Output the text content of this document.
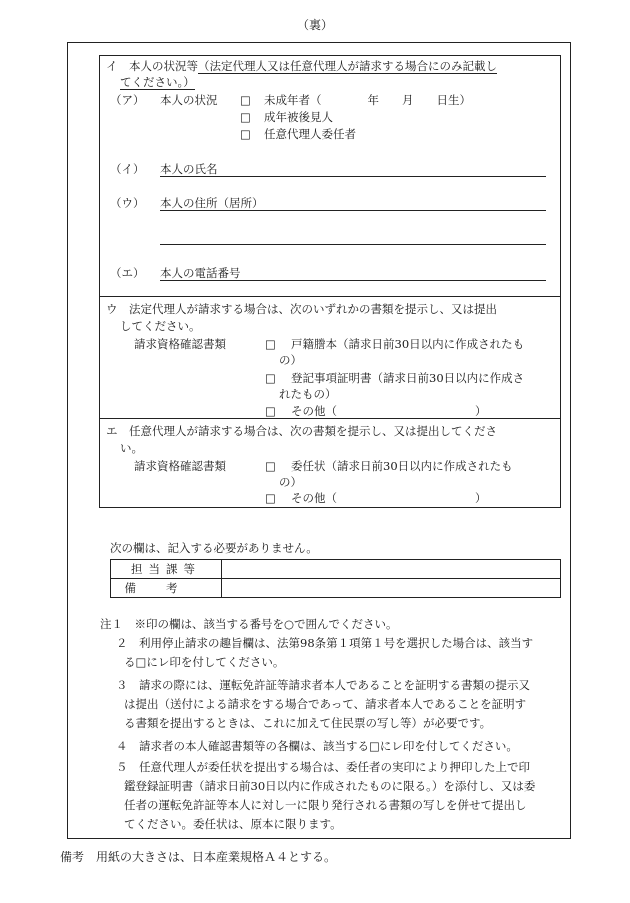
（裏）
イ　本人の状況等（法定代理人又は任意代理人が請求する場合にのみ記載し
てください。）
（ア） 本人の状況 □ 未成年者（　　　　年　　月　　日生）
□ 成年被後見人
□ 任意代理人委任者
（イ） 本人の氏名
（ウ） 本人の住所（居所）
（エ） 本人の電話番号
ウ　法定代理人が請求する場合は、次のいずれかの書類を提示し、又は提出
してください。
請求資格確認書類	□ 戸籍謄本（請求日前30日以内に作成されたも
の）
□ 登記事項証明書（請求日前30日以内に作成さ
れたもの）
□ その他（　　　　　　　　　　　　）
エ　任意代理人が請求する場合は、次の書類を提示し、又は提出してくださ
い。
請求資格確認書類	□ 委任状（請求日前30日以内に作成されたも
の）
□ その他（　　　　　　　　　　　　）
次の欄は、記入する必要がありません。
担当課等
備考
注１　※印の欄は、該当する番号を○で囲んでください。
２　利用停止請求の趣旨欄は、法第98条第１項第１号を選択した場合は、該当す
る□にレ印を付してください。
３　請求の際には、運転免許証等請求者本人であることを証明する書類の提示又
は提出（送付による請求をする場合であって、請求者本人であることを証明す
る書類を提出するときは、これに加えて住民票の写し等）が必要です。
４　請求者の本人確認書類等の各欄は、該当する□にレ印を付してください。
５　任意代理人が委任状を提出する場合は、委任者の実印により押印した上で印
鑑登録証明書（請求日前30日以内に作成されたものに限る。）を添付し、又は委
任者の運転免許証等本人に対し一に限り発行される書類の写しを併せて提出し
てください。委任状は、原本に限ります。
備考　用紙の大きさは、日本産業規格Ａ４とする。
